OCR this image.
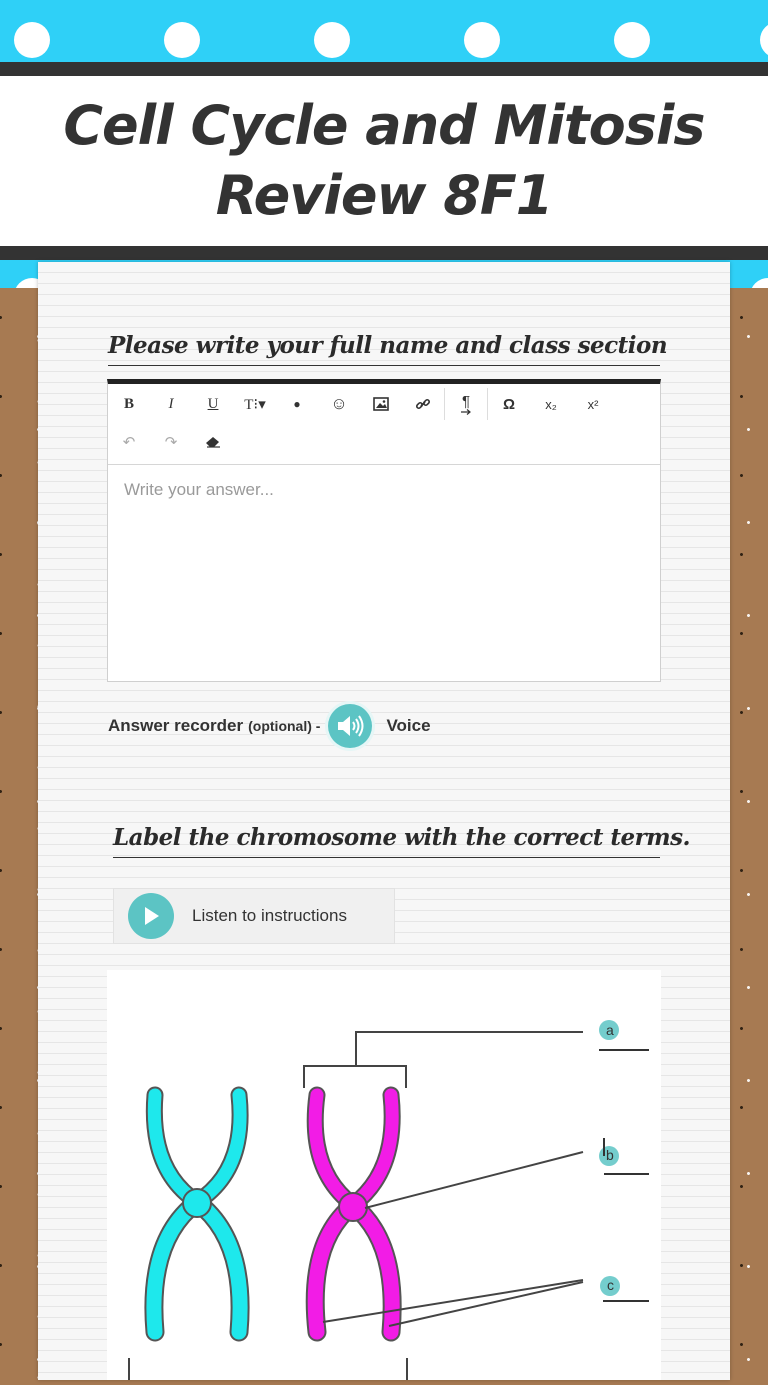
Cell Cycle and Mitosis
Review 8F1
Please write your full name and class section
B	I	U	T⁝▾	●	☺	¶	Ω	x₂	x²
↶	↷
Write your answer...
Answer recorder (optional) -	Voice
Label the chromosome with the correct terms.
Listen to instructions
a
b
c
